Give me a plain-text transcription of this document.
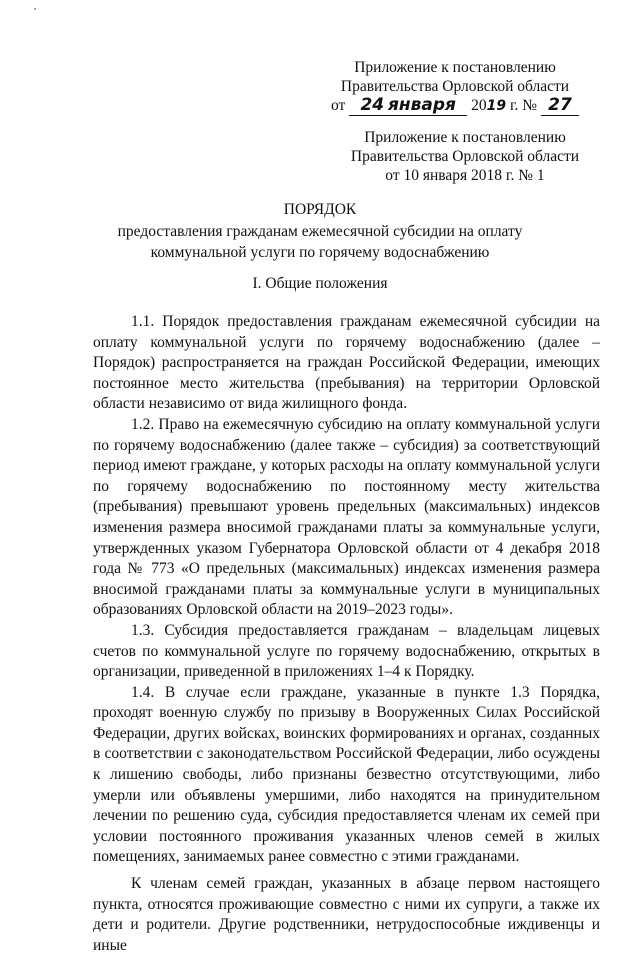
Приложение к постановлению
Правительства Орловской области
от 24 января 2019 г. № 27
Приложение к постановлению
Правительства Орловской области
от 10 января 2018 г. № 1
ПОРЯДОК
предоставления гражданам ежемесячной субсидии на оплату коммунальной услуги по горячему водоснабжению
I. Общие положения

1.1. Порядок предоставления гражданам ежемесячной субсидии на оплату коммунальной услуги по горячему водоснабжению (далее – Порядок) распространяется на граждан Российской Федерации, имеющих постоянное место жительства (пребывания) на территории Орловской области независимо от вида жилищного фонда.

1.2. Право на ежемесячную субсидию на оплату коммунальной услуги по горячему водоснабжению (далее также – субсидия) за соответствующий период имеют граждане, у которых расходы на оплату коммунальной услуги по горячему водоснабжению по постоянному месту жительства (пребывания) превышают уровень предельных (максимальных) индексов изменения размера вносимой гражданами платы за коммунальные услуги, утвержденных указом Губернатора Орловской области от 4 декабря 2018 года № 773 «О предельных (максимальных) индексах изменения размера вносимой гражданами платы за коммунальные услуги в муниципальных образованиях Орловской области на 2019–2023 годы».

1.3. Субсидия предоставляется гражданам – владельцам лицевых счетов по коммунальной услуге по горячему водоснабжению, открытых в организации, приведенной в приложениях 1–4 к Порядку.

1.4. В случае если граждане, указанные в пункте 1.3 Порядка, проходят военную службу по призыву в Вооруженных Силах Российской Федерации, других войсках, воинских формированиях и органах, созданных в соответствии с законодательством Российской Федерации, либо осуждены к лишению свободы, либо признаны безвестно отсутствующими, либо умерли или объявлены умершими, либо находятся на принудительном лечении по решению суда, субсидия предоставляется членам их семей при условии постоянного проживания указанных членов семей в жилых помещениях, занимаемых ранее совместно с этими гражданами.

К членам семей граждан, указанных в абзаце первом настоящего пункта, относятся проживающие совместно с ними их супруги, а также их дети и родители. Другие родственники, нетрудоспособные иждивенцы и иные
